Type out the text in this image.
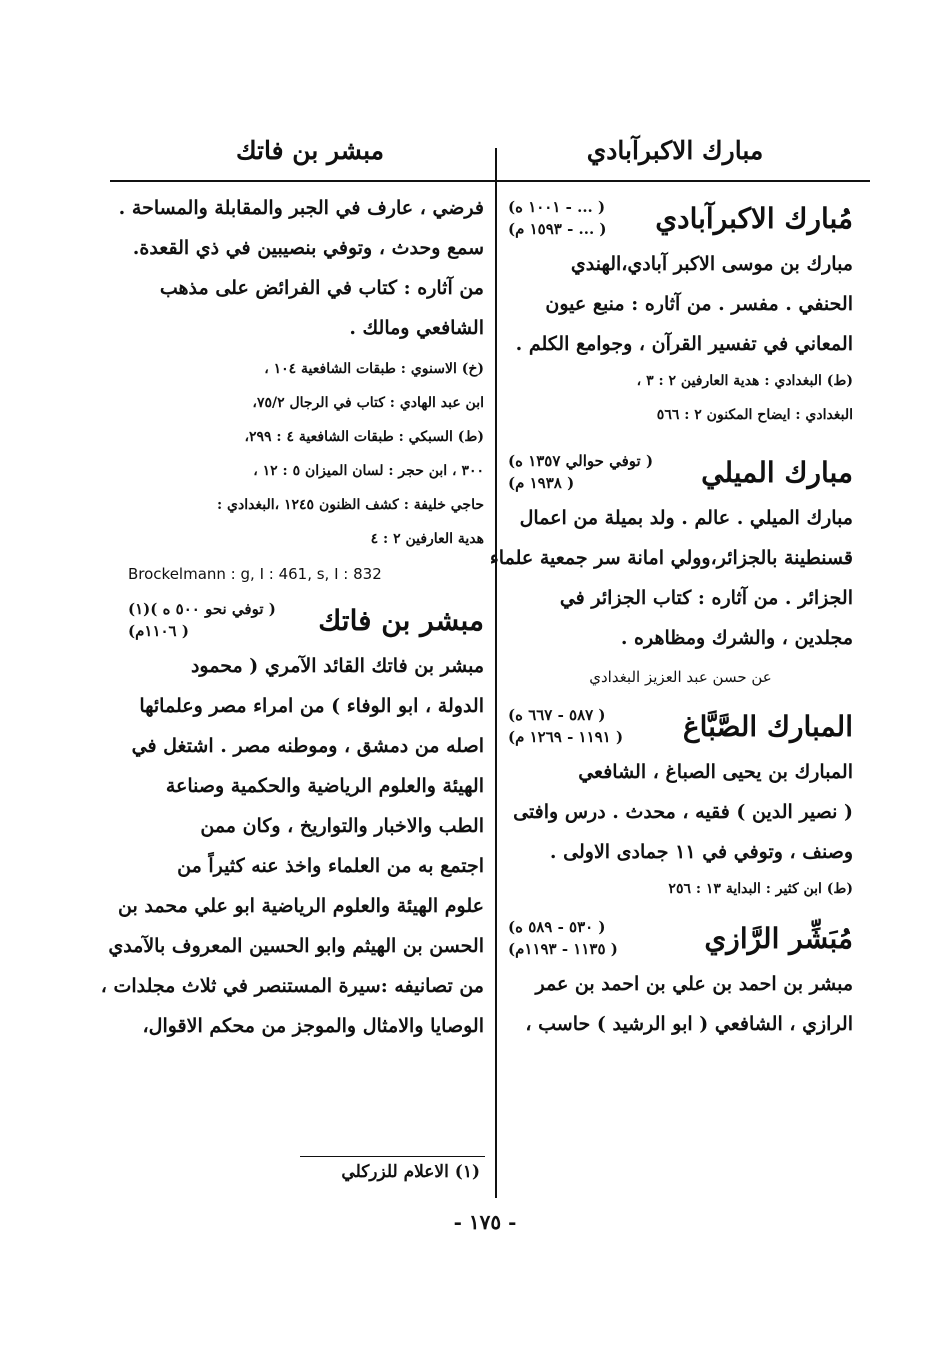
مبارك الاكبرآبادي
مبشر بن فاتك
مُبارك الاكبرآبادي
( ... - ١٠٠١ ه)
( ... - ١٥٩٣ م)
مبارك بن موسى الاكبر آبادي،الهندي
الحنفي . مفسر . من آثاره : منبع عيون
المعاني في تفسير القرآن ، وجوامع الكلم .
(ط) البغدادي : هدية العارفين ٢ : ٣ ،
البغدادي : ايضاح المكنون ٢ : ٥٦٦
مبارك الميلي
( توفي حوالي ١٣٥٧ ه)
( ١٩٣٨ م)
مبارك الميلي . عالم . ولد بميلة من اعمال
قسنطينة بالجزائر،وولي امانة سر جمعية علماء
الجزائر . من آثاره : كتاب الجزائر في
مجلدين ، والشرك ومظاهره .
عن حسن عبد العزيز البغدادي
المبارك الصَّبَّاغ
( ٥٨٧ - ٦٦٧ ه)
( ١١٩١ - ١٢٦٩ م)
المبارك بن يحيى الصباغ ، الشافعي
( نصير الدين ) فقيه ، محدث . درس وافتى
وصنف ، وتوفي في ١١ جمادى الاولى .
(ط) ابن كثير : البداية ١٣ : ٢٥٦
مُبَشِّر الرَّازي
( ٥٣٠ - ٥٨٩ ه)
( ١١٣٥ - ١١٩٣م)
مبشر بن احمد بن علي بن احمد بن عمر
الرازي ، الشافعي ( ابو الرشيد ) حاسب ،
فرضي ، عارف في الجبر والمقابلة والمساحة .
سمع وحدث ، وتوفي بنصيبين في ذي القعدة.
من آثاره : كتاب في الفرائض على مذهب
الشافعي ومالك .
(خ) الاسنوي : طبقات الشافعية ١٠٤ ،
ابن عبد الهادي : كتاب في الرجال ٧٥/٢،
(ط) السبكي : طبقات الشافعية ٤ : ٢٩٩،
٣٠٠ ، ابن حجر : لسان الميزان ٥ : ١٢ ،
حاجي خليفة : كشف الظنون ١٢٤٥ ،البغدادي :
هدية العارفين ٢ : ٤
Brockelmann : g, I : 461, s, I : 832
مبشر بن فاتك
( توفي نحو ٥٠٠ ه )(١)
( ١١٠٦م)
مبشر بن فاتك القائد الآمري ( محمود
الدولة ، ابو الوفاء ) من امراء مصر وعلمائها
اصله من دمشق ، وموطنه مصر . اشتغل في
الهيئة والعلوم الرياضية والحكمية وصناعة
الطب والاخبار والتواريخ ، وكان ممن
اجتمع به من العلماء واخذ عنه كثيراً من
علوم الهيئة والعلوم الرياضية ابو علي محمد بن
الحسن بن الهيثم وابو الحسين المعروف بالآمدي
من تصانيفه :سيرة المستنصر في ثلاث مجلدات ،
الوصايا والامثال والموجز من محكم الاقوال،
(١) الاعلام للزركلي
- ١٧٥ -
